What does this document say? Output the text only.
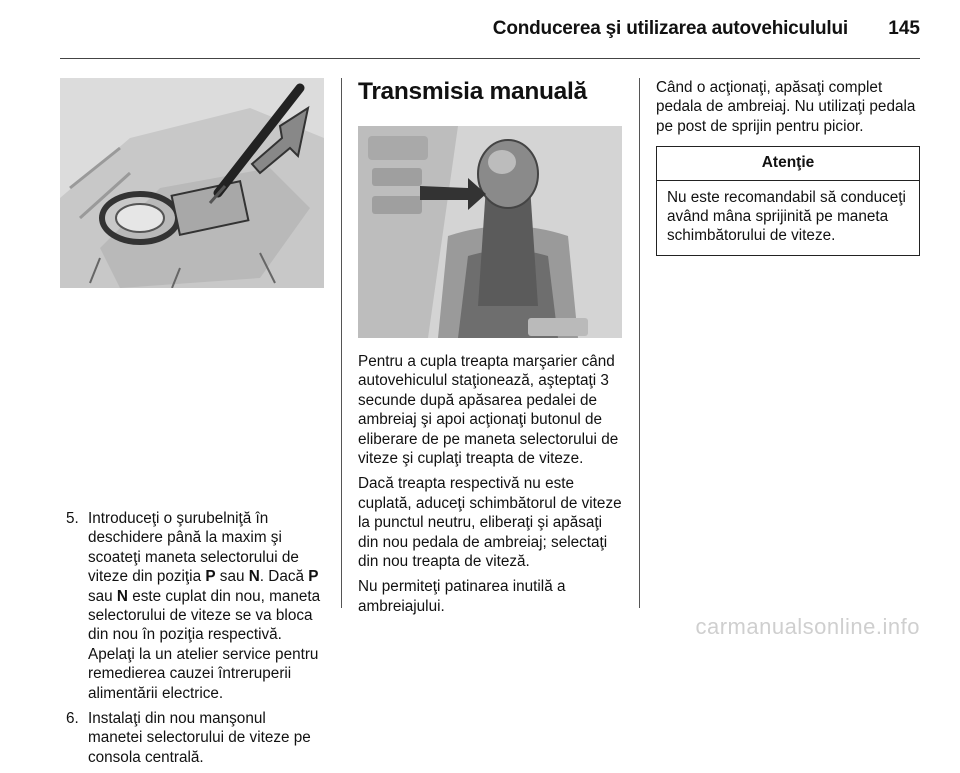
Conducerea şi utilizarea autovehiculului 145
5. Introduceţi o şurubelniţă în deschidere până la maxim şi scoateţi maneta selectorului de viteze din poziţia P sau N. Dacă P sau N este cuplat din nou, maneta selectorului de viteze se va bloca din nou în poziţia respectivă. Apelaţi la un atelier service pentru remedierea cauzei întreruperii alimentării electrice.
6. Instalaţi din nou manşonul manetei selectorului de viteze pe consola centrală.
Transmisia manuală

Pentru a cupla treapta marşarier când autovehiculul staţionează, aşteptaţi 3 secunde după apăsarea pedalei de ambreiaj şi apoi acţionaţi butonul de eliberare de pe maneta selectorului de viteze şi cuplaţi treapta de viteze.

Dacă treapta respectivă nu este cuplată, aduceţi schimbătorul de viteze la punctul neutru, eliberaţi şi apăsaţi din nou pedala de ambreiaj; selectaţi din nou treapta de viteză.

Nu permiteţi patinarea inutilă a ambreiajului.

Când o acţionaţi, apăsaţi complet pedala de ambreiaj. Nu utilizaţi pedala pe post de sprijin pentru picior.

Atenţie
Nu este recomandabil să conduceţi având mâna sprijinită pe maneta schimbătorului de viteze.
carmanualsonline.info
